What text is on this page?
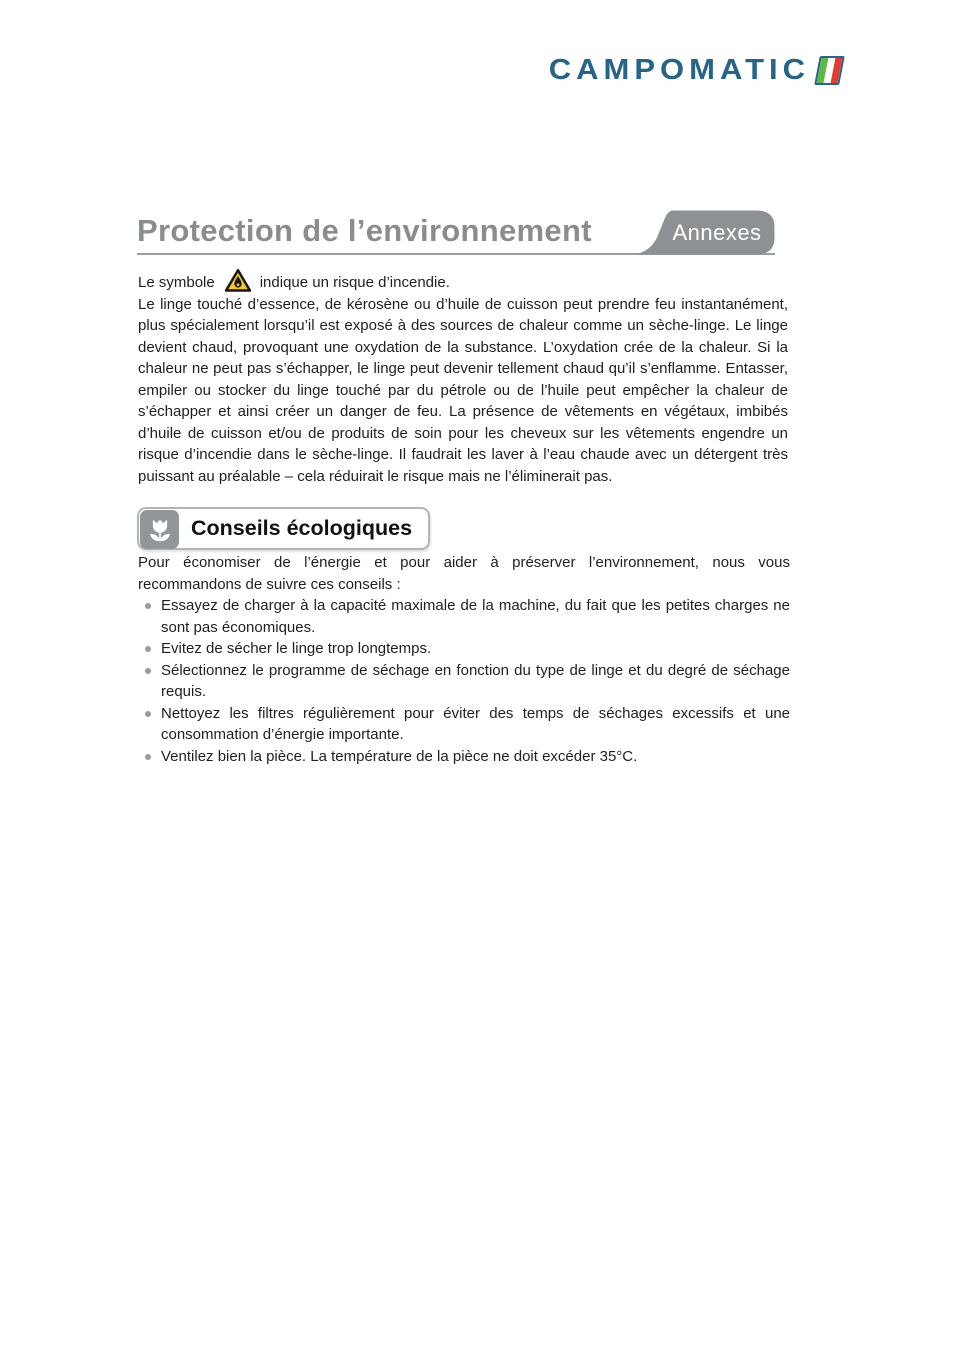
CAMPOMATIC
Protection de l’environnement	Annexes
Le symbole	indique un risque d’incendie.

Le linge touché d’essence, de kérosène ou d’huile de cuisson peut prendre feu instantanément, plus spécialement lorsqu’il est exposé à des sources de chaleur comme un sèche-linge. Le linge devient chaud, provoquant une oxydation de la substance. L’oxydation crée de la chaleur. Si la chaleur ne peut pas s’échapper, le linge peut devenir tellement chaud qu’il s’enflamme. Entasser, empiler ou stocker du linge touché par du pétrole ou de l’huile peut empêcher la chaleur de s’échapper et ainsi créer un danger de feu. La présence de vêtements en végétaux, imbibés d’huile de cuisson et/ou de produits de soin pour les cheveux sur les vêtements engendre un risque d’incendie dans le sèche-linge. Il faudrait les laver à l’eau chaude avec un détergent très puissant au préalable – cela réduirait le risque mais ne l’éliminerait pas.

Conseils écologiques

Pour économiser de l’énergie et pour aider à préserver l’environnement, nous vous recommandons de suivre ces conseils :

Essayez de charger à la capacité maximale de la machine, du fait que les petites charges ne sont pas économiques.
Evitez de sécher le linge trop longtemps.
Sélectionnez le programme de séchage en fonction du type de linge et du degré de séchage requis.
Nettoyez les filtres régulièrement pour éviter des temps de séchages excessifs et une consommation d’énergie importante.
Ventilez bien la pièce. La température de la pièce ne doit excéder 35°C.
